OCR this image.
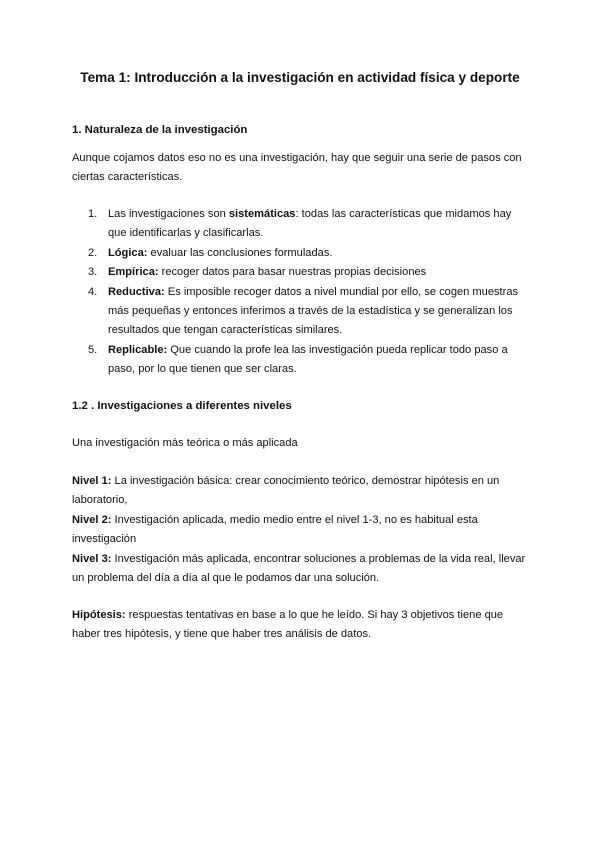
Tema 1: Introducción a la investigación en actividad física y deporte

1. Naturaleza de la investigación

Aunque cojamos datos eso no es una investigación, hay que seguir una serie de pasos con ciertas características.

1. Las investigaciones son sistemáticas: todas las características que midamos hay que identificarlas y clasificarlas.
2. Lógica: evaluar las conclusiones formuladas.
3. Empírica: recoger datos para basar nuestras propias decisiones
4. Reductiva: Es imposible recoger datos a nivel mundial por ello, se cogen muestras más pequeñas y entonces inferimos a través de la estadística y se generalizan los resultados que tengan características similares.
5. Replicable: Que cuando la profe lea las investigación pueda replicar todo paso a paso, por lo que tienen que ser claras.

1.2 . Investigaciones a diferentes niveles

Una investigación más teórica o más aplicada

Nivel 1: La investigación básica: crear conocimiento teórico, demostrar hipótesis en un laboratorio,

Nivel 2: Investigación aplicada, medio medio entre el nivel 1-3, no es habitual esta investigación

Nivel 3: Investigación más aplicada, encontrar soluciones a problemas de la vida real, llevar un problema del día a día al que le podamos dar una solución.

Hipótesis: respuestas tentativas en base a lo que he leído. Si hay 3 objetivos tiene que haber tres hipótesis, y tiene que haber tres análisis de datos.
